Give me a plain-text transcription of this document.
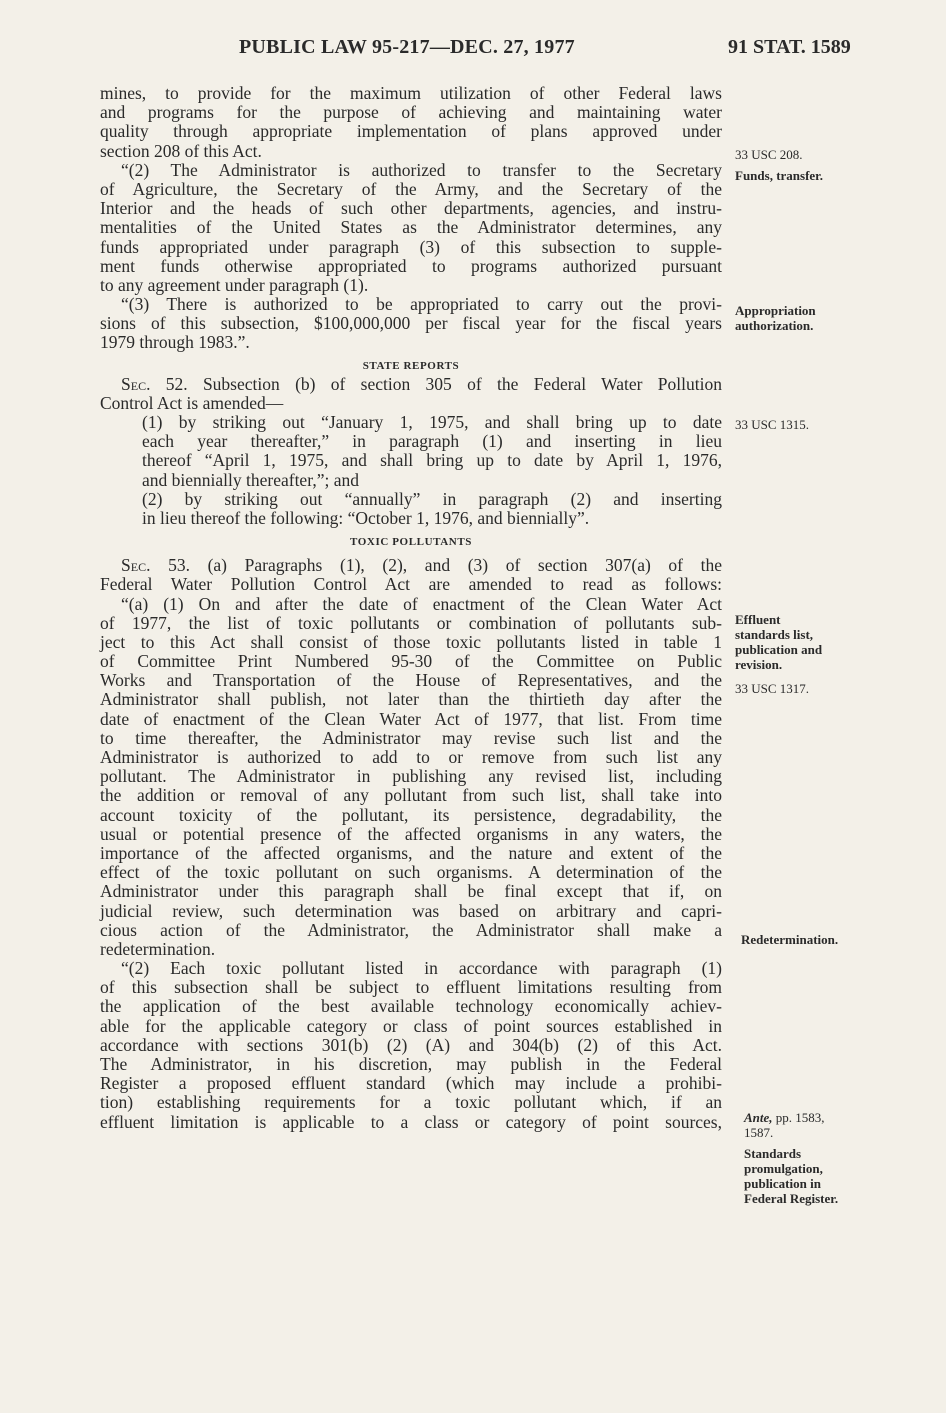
PUBLIC LAW 95-217—DEC. 27, 1977	91 STAT. 1589
mines, to provide for the maximum utilization of other Federal laws
and programs for the purpose of achieving and maintaining water
quality through appropriate implementation of plans approved under
section 208 of this Act.
“(2) The Administrator is authorized to transfer to the Secretary
of Agriculture, the Secretary of the Army, and the Secretary of the
Interior and the heads of such other departments, agencies, and instru-
mentalities of the United States as the Administrator determines, any
funds appropriated under paragraph (3) of this subsection to supple-
ment funds otherwise appropriated to programs authorized pursuant
to any agreement under paragraph (1).
“(3) There is authorized to be appropriated to carry out the provi-
sions of this subsection, $100,000,000 per fiscal year for the fiscal years
1979 through 1983.”.
STATE REPORTS
Sec. 52. Subsection (b) of section 305 of the Federal Water Pollution
Control Act is amended—
(1) by striking out “January 1, 1975, and shall bring up to date
each year thereafter,” in paragraph (1) and inserting in lieu
thereof “April 1, 1975, and shall bring up to date by April 1, 1976,
and biennially thereafter,”; and
(2) by striking out “annually” in paragraph (2) and inserting
in lieu thereof the following: “October 1, 1976, and biennially”.
TOXIC POLLUTANTS
Sec. 53. (a) Paragraphs (1), (2), and (3) of section 307(a) of the
Federal Water Pollution Control Act are amended to read as follows:
“(a) (1) On and after the date of enactment of the Clean Water Act
of 1977, the list of toxic pollutants or combination of pollutants sub-
ject to this Act shall consist of those toxic pollutants listed in table 1
of Committee Print Numbered 95-30 of the Committee on Public
Works and Transportation of the House of Representatives, and the
Administrator shall publish, not later than the thirtieth day after the
date of enactment of the Clean Water Act of 1977, that list. From time
to time thereafter, the Administrator may revise such list and the
Administrator is authorized to add to or remove from such list any
pollutant. The Administrator in publishing any revised list, including
the addition or removal of any pollutant from such list, shall take into
account toxicity of the pollutant, its persistence, degradability, the
usual or potential presence of the affected organisms in any waters, the
importance of the affected organisms, and the nature and extent of the
effect of the toxic pollutant on such organisms. A determination of the
Administrator under this paragraph shall be final except that if, on
judicial review, such determination was based on arbitrary and capri-
cious action of the Administrator, the Administrator shall make a
redetermination.
“(2) Each toxic pollutant listed in accordance with paragraph (1)
of this subsection shall be subject to effluent limitations resulting from
the application of the best available technology economically achiev-
able for the applicable category or class of point sources established in
accordance with sections 301(b) (2) (A) and 304(b) (2) of this Act.
The Administrator, in his discretion, may publish in the Federal
Register a proposed effluent standard (which may include a prohibi-
tion) establishing requirements for a toxic pollutant which, if an
effluent limitation is applicable to a class or category of point sources,
33 USC 208.
Funds, transfer.
Appropriation
authorization.
33 USC 1315.
Effluent
standards list,
publication and
revision.
33 USC 1317.
Redetermination.
Ante, pp. 1583,
1587.
Standards
promulgation,
publication in
Federal Register.
